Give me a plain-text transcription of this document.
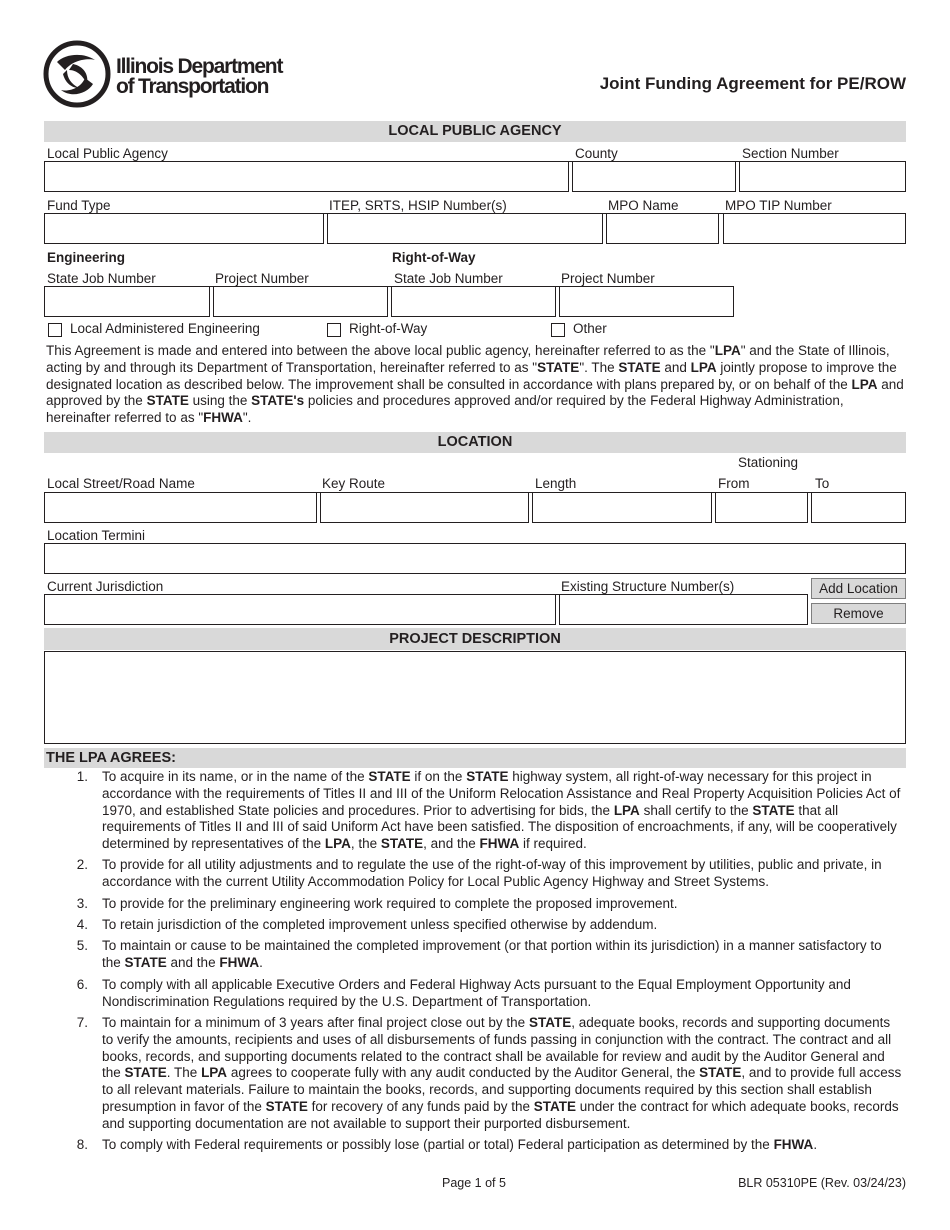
Illinois Department
of Transportation	Joint Funding Agreement for PE/ROW
LOCAL PUBLIC AGENCY
Local Public Agency	County	Section Number
Fund Type	ITEP, SRTS, HSIP Number(s)	MPO Name	MPO TIP Number
Engineering	Right-of-Way
State Job Number	Project Number	State Job Number	Project Number
Local Administered Engineering	Right-of-Way	Other
This Agreement is made and entered into between the above local public agency, hereinafter referred to as the "LPA" and the State of Illinois, acting by and through its Department of Transportation, hereinafter referred to as "STATE". The STATE and LPA jointly propose to improve the designated location as described below. The improvement shall be consulted in accordance with plans prepared by, or on behalf of the LPA and approved by the STATE using the STATE's policies and procedures approved and/or required by the Federal Highway Administration, hereinafter referred to as "FHWA".
LOCATION
Stationing
Local Street/Road Name	Key Route	Length	From	To
Location Termini
Current Jurisdiction	Existing Structure Number(s)	Add Location
Remove
PROJECT DESCRIPTION
THE LPA AGREES:
1. To acquire in its name, or in the name of the STATE if on the STATE highway system, all right-of-way necessary for this project in accordance with the requirements of Titles II and III of the Uniform Relocation Assistance and Real Property Acquisition Policies Act of 1970, and established State policies and procedures. Prior to advertising for bids, the LPA shall certify to the STATE that all requirements of Titles II and III of said Uniform Act have been satisfied. The disposition of encroachments, if any, will be cooperatively determined by representatives of the LPA, the STATE, and the FHWA if required.
2. To provide for all utility adjustments and to regulate the use of the right-of-way of this improvement by utilities, public and private, in accordance with the current Utility Accommodation Policy for Local Public Agency Highway and Street Systems.
3. To provide for the preliminary engineering work required to complete the proposed improvement.
4. To retain jurisdiction of the completed improvement unless specified otherwise by addendum.
5. To maintain or cause to be maintained the completed improvement (or that portion within its jurisdiction) in a manner satisfactory to the STATE and the FHWA.
6. To comply with all applicable Executive Orders and Federal Highway Acts pursuant to the Equal Employment Opportunity and Nondiscrimination Regulations required by the U.S. Department of Transportation.
7. To maintain for a minimum of 3 years after final project close out by the STATE, adequate books, records and supporting documents to verify the amounts, recipients and uses of all disbursements of funds passing in conjunction with the contract. The contract and all books, records, and supporting documents related to the contract shall be available for review and audit by the Auditor General and the STATE. The LPA agrees to cooperate fully with any audit conducted by the Auditor General, the STATE, and to provide full access to all relevant materials. Failure to maintain the books, records, and supporting documents required by this section shall establish presumption in favor of the STATE for recovery of any funds paid by the STATE under the contract for which adequate books, records and supporting documentation are not available to support their purported disbursement.
8. To comply with Federal requirements or possibly lose (partial or total) Federal participation as determined by the FHWA.
Page 1 of 5	BLR 05310PE (Rev. 03/24/23)
